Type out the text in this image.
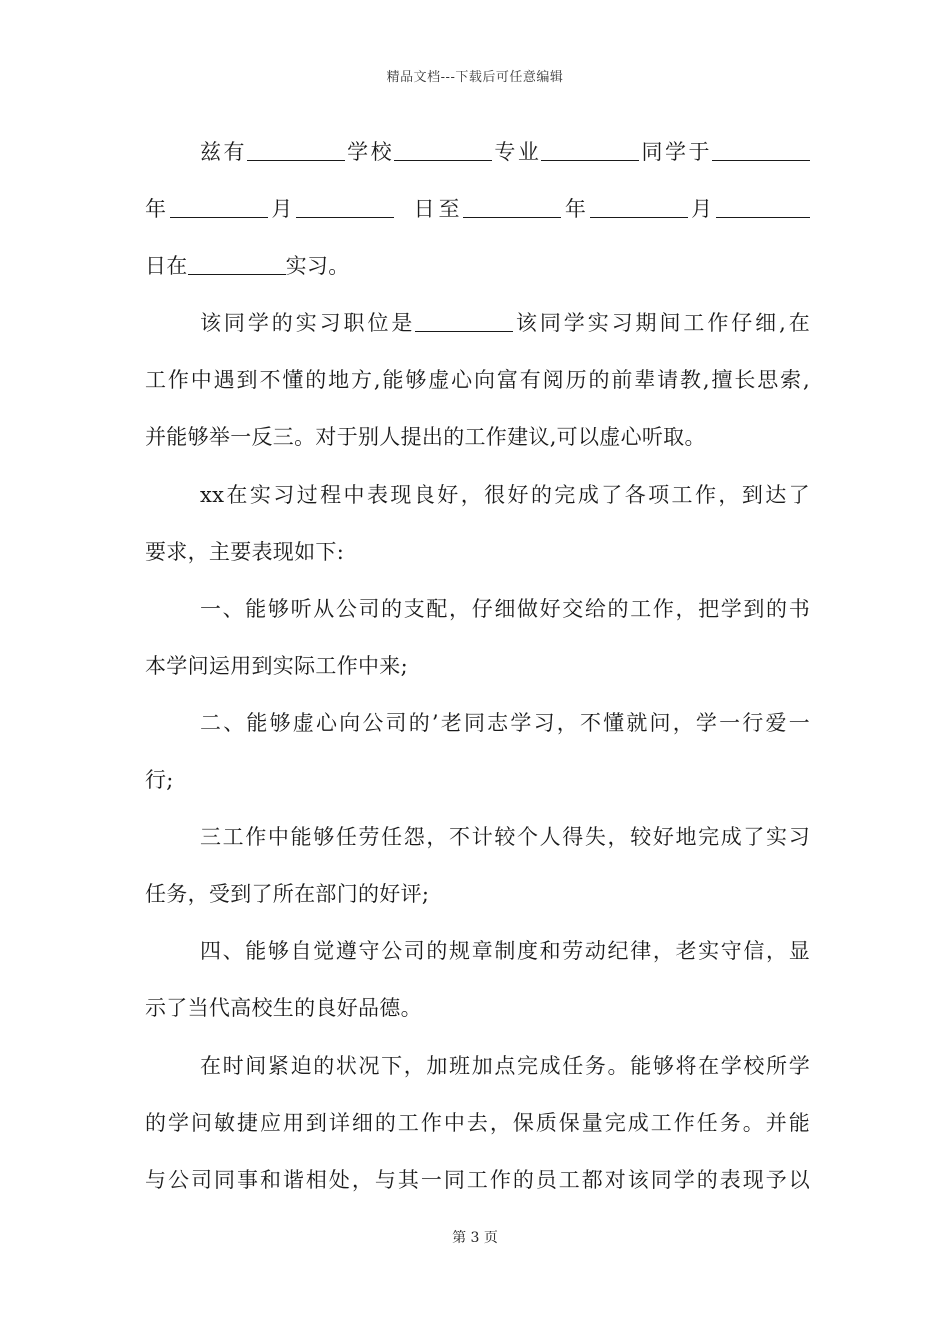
精品文档---下载后可任意编辑
兹有	学校	专业	同学于
年	月	日至	年	月
日在	实习。
该同学的实习职位是	该同学实习期间工作仔细,在
工作中遇到不懂的地方,能够虚心向富有阅历的前辈请教,擅长思索,
并能够举一反三。对于别人提出的工作建议,可以虚心听取。
xx在实习过程中表现良好，很好的完成了各项工作，到达了
要求，主要表现如下:
一、能够听从公司的支配，仔细做好交给的工作，把学到的书
本学问运用到实际工作中来;
二、能够虚心向公司的’老同志学习，不懂就问，学一行爱一
行;
三工作中能够任劳任怨，不计较个人得失，较好地完成了实习
任务，受到了所在部门的好评;
四、能够自觉遵守公司的规章制度和劳动纪律，老实守信，显
示了当代高校生的良好品德。
在时间紧迫的状况下，加班加点完成任务。能够将在学校所学
的学问敏捷应用到详细的工作中去，保质保量完成工作任务。并能
与公司同事和谐相处，与其一同工作的员工都对该同学的表现予以
第 3 页
